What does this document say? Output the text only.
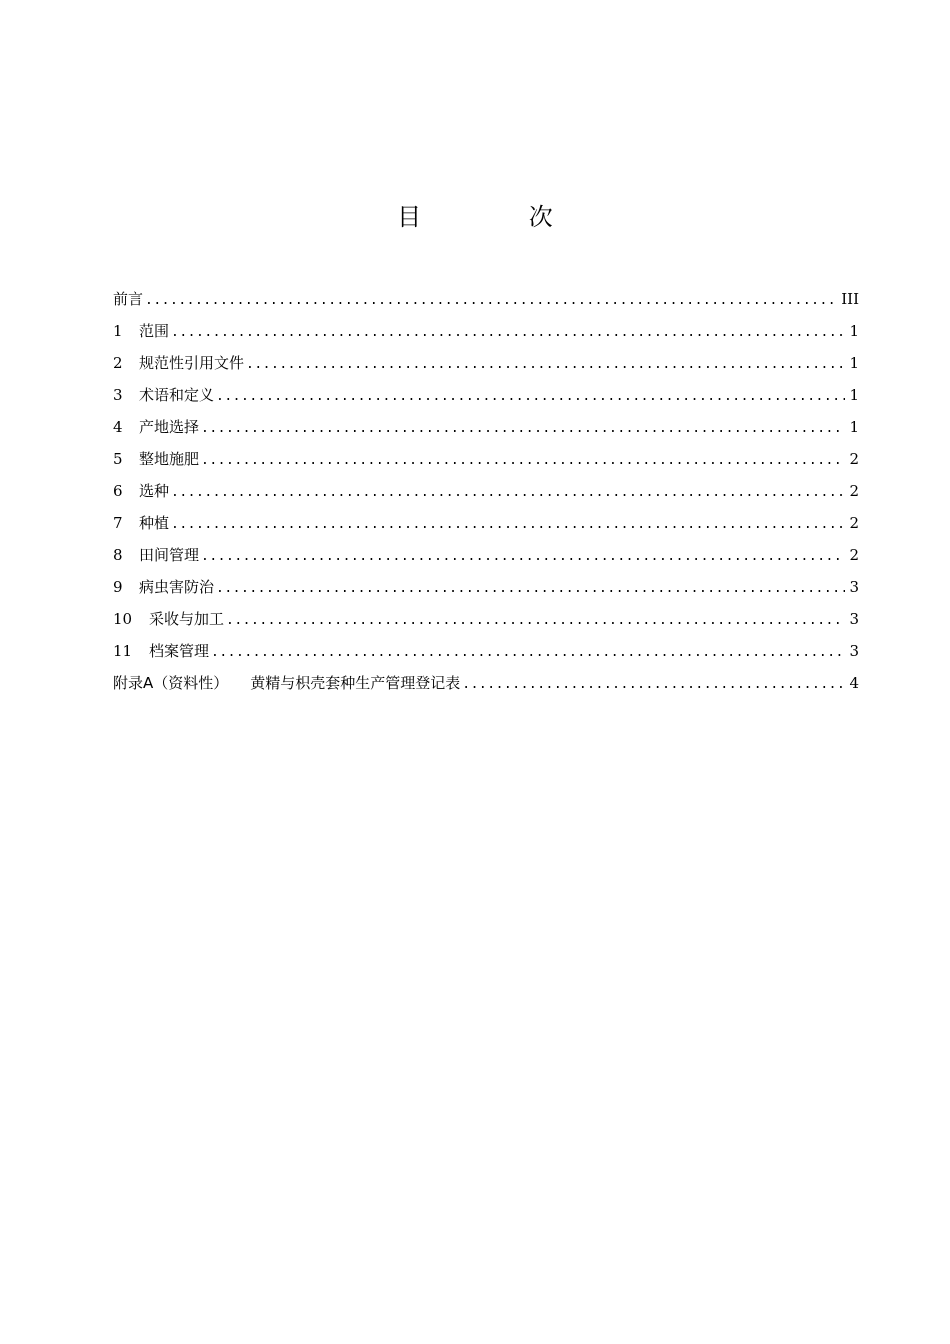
目 次
前言 .....	III
1	范围 .....	1
2	规范性引用文件 .....	1
3	术语和定义 .....	1
4	产地选择 .....	1
5	整地施肥 .....	2
6	选种 .....	2
7	种植 .....	2
8	田间管理 .....	2
9	病虫害防治 .....	3
10	采收与加工 .....	3
11	档案管理 .....	3
附录A（资料性） 黄精与枳壳套种生产管理登记表 .....	4
